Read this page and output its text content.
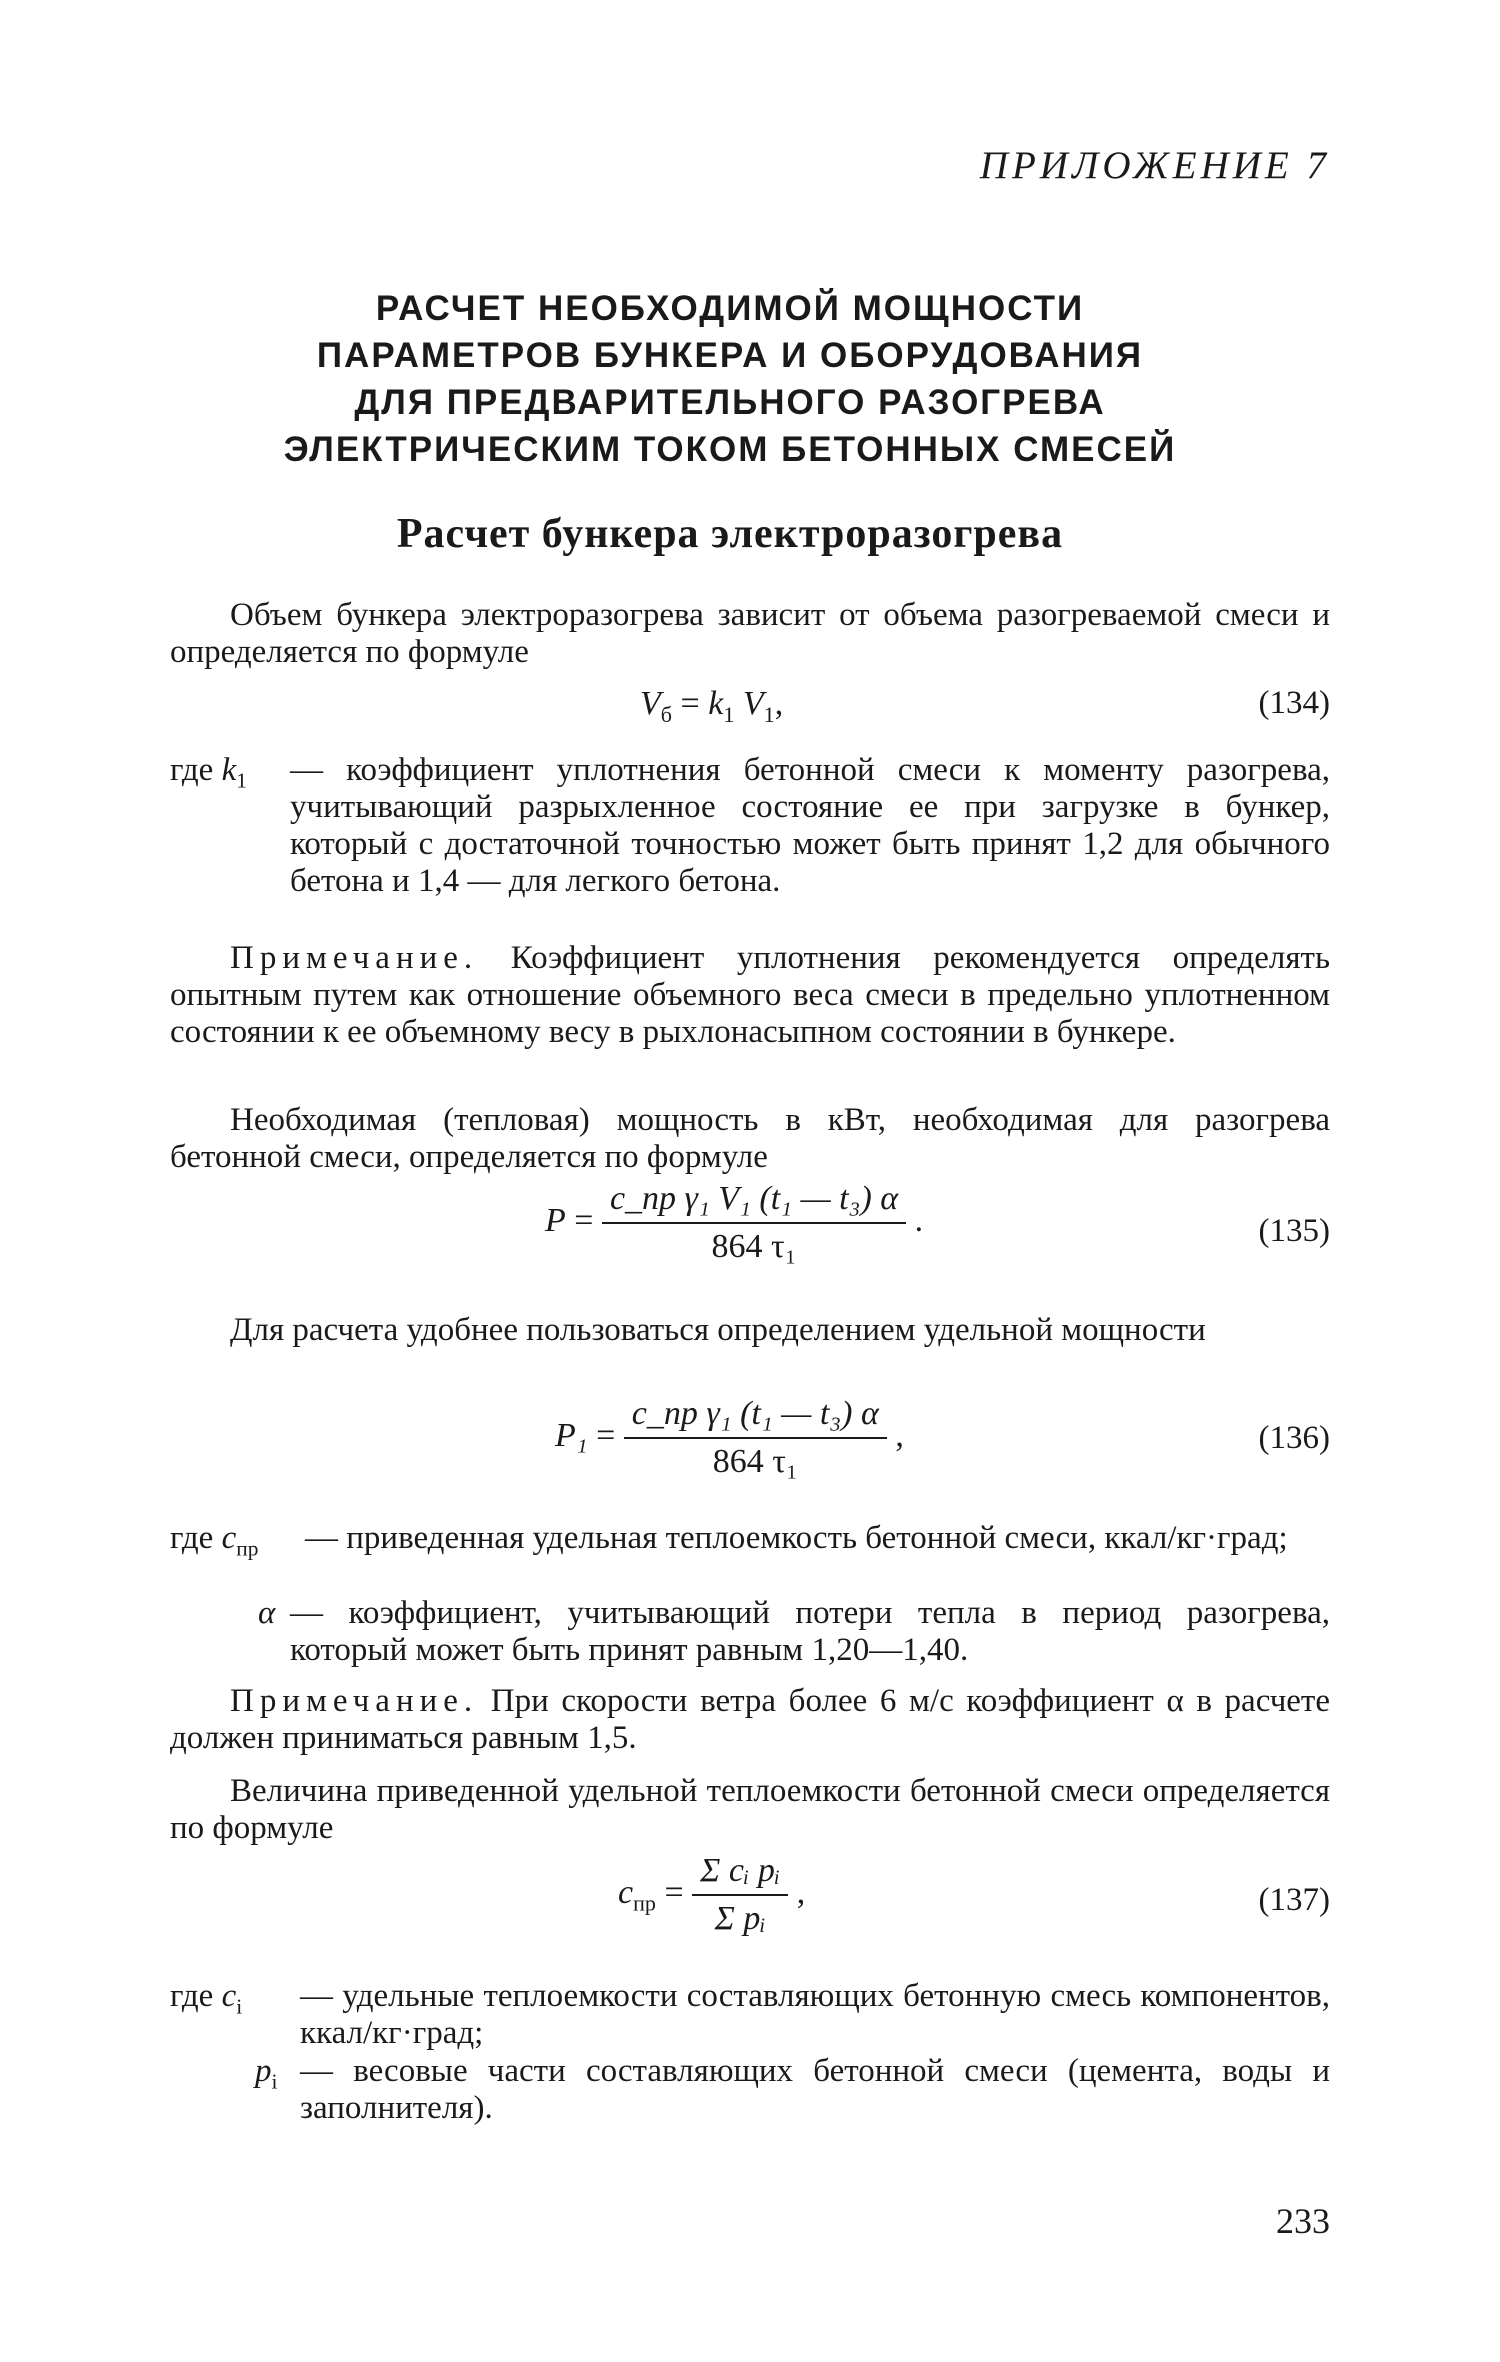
ПРИЛОЖЕНИЕ 7
РАСЧЕТ НЕОБХОДИМОЙ МОЩНОСТИ
ПАРАМЕТРОВ БУНКЕРА И ОБОРУДОВАНИЯ
ДЛЯ ПРЕДВАРИТЕЛЬНОГО РАЗОГРЕВА
ЭЛЕКТРИЧЕСКИМ ТОКОМ БЕТОННЫХ СМЕСЕЙ
Расчет бункера электроразогрева
Объем бункера электроразогрева зависит от объема разогреваемой смеси и определяется по формуле
$V_б = k_1$ $V_1$,	(134)
где $k_1$ — коэффициент уплотнения бетонной смеси к моменту разогрева, учитывающий разрыхленное состояние ее при загрузке в бункер, который с достаточной точностью может быть принят 1,2 для обычного бетона и 1,4 — для легкого бетона.
Примечание. Коэффициент уплотнения рекомендуется определять опытным путем как отношение объемного веса смеси в предельно уплотненном состоянии к ее объемному весу в рыхлонасыпном состоянии в бункере.
Необходимая (тепловая) мощность в кВт, необходимая для разогрева бетонной смеси, определяется по формуле
$P = \frac{\text{c\_пр γ₁ V₁ (t₁ — t₃) α}}{\text{864 τ₁}}$ .	(135)
Для расчета удобнее пользоваться определением удельной мощности
$P_1 = \frac{\text{c\_пр γ₁ (t₁ — t₃) α}}{\text{864 τ₁}}$ ,	(136)
где $c_{пр}$ — приведенная удельная теплоемкость бетонной смеси, ккал/кг·град;
α — коэффициент, учитывающий потери тепла в период разогрева, который может быть принят равным 1,20—1,40.
Примечание. При скорости ветра более 6 м/с коэффициент α в расчете должен приниматься равным 1,5.
Величина приведенной удельной теплоемкости бетонной смеси определяется по формуле
$c_{пр} = \frac{\text{Σ cᵢ pᵢ}}{\text{Σ pᵢ}}$ ,	(137)
где $c_i$ — удельные теплоемкости составляющих бетонную смесь компонентов, ккал/кг·град;
$p_i$ — весовые части составляющих бетонной смеси (цемента, воды и заполнителя).
233
